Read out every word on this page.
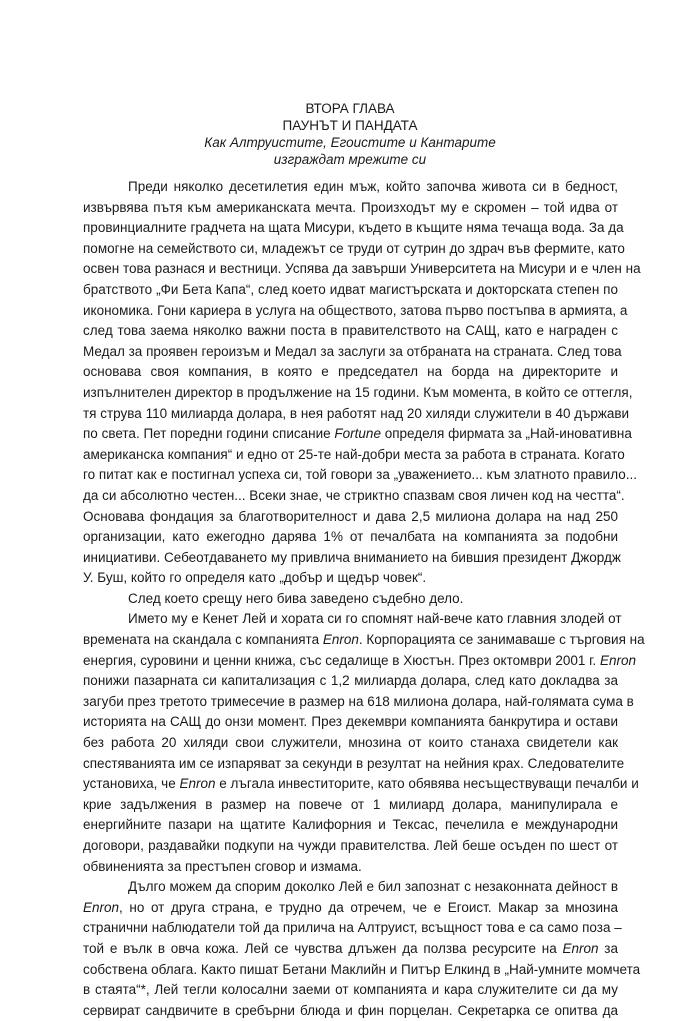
ВТОРА ГЛАВА
ПАУНЪТ И ПАНДАТА
Как Алтруистите, Егоистите и Кантарите
изграждат мрежите си
Преди няколко десетилетия един мъж, който започва живота си в бедност,
извървява пътя към американската мечта. Произходът му е скромен – той идва от
провинциалните градчета на щата Мисури, където в къщите няма течаща вода. За да
помогне на семейството си, младежът се труди от сутрин до здрач във фермите, като
освен това разнася и вестници. Успява да завърши Университета на Мисури и е член на
братството „Фи Бета Капа“, след което идват магистърската и докторската степен по
икономика. Гони кариера в услуга на обществото, затова първо постъпва в армията, а
след това заема няколко важни поста в правителството на САЩ, като е награден с
Медал за проявен героизъм и Медал за заслуги за отбраната на страната. След това
основава своя компания, в която е председател на борда на директорите и
изпълнителен директор в продължение на 15 години. Към момента, в който се оттегля,
тя струва 110 милиарда долара, в нея работят над 20 хиляди служители в 40 държави
по света. Пет поредни години списание Fortune определя фирмата за „Най-иновативна
американска компания“ и едно от 25-те най-добри места за работа в страната. Когато
го питат как е постигнал успеха си, той говори за „уважението... към златното правило...
да си абсолютно честен... Всеки знае, че стриктно спазвам своя личен код на честта“.
Основава фондация за благотворителност и дава 2,5 милиона долара на над 250
организации, като ежегодно дарява 1% от печалбата на компанията за подобни
инициативи. Себеотдаването му привлича вниманието на бившия президент Джордж
У. Буш, който го определя като „добър и щедър човек“.
След което срещу него бива заведено съдебно дело.
Името му е Кенет Лей и хората си го спомнят най-вече като главния злодей от
времената на скандала с компанията Enron. Корпорацията се занимаваше с търговия на
енергия, суровини и ценни книжа, със седалище в Хюстън. През октомври 2001 г. Enron
понижи пазарната си капитализация с 1,2 милиарда долара, след като докладва за
загуби през третото тримесечие в размер на 618 милиона долара, най-голямата сума в
историята на САЩ до онзи момент. През декември компанията банкрутира и остави
без работа 20 хиляди свои служители, мнозина от които станаха свидетели как
спестяванията им се изпаряват за секунди в резултат на нейния крах. Следователите
установиха, че Enron е лъгала инвеститорите, като обявява несъществуващи печалби и
крие задължения в размер на повече от 1 милиард долара, манипулирала е
енергийните пазари на щатите Калифорния и Тексас, печелила е международни
договори, раздавайки подкупи на чужди правителства. Лей беше осъден по шест от
обвиненията за престъпен сговор и измама.
Дълго можем да спорим доколко Лей е бил запознат с незаконната дейност в
Enron, но от друга страна, е трудно да отречем, че е Егоист. Макар за мнозина
странични наблюдатели той да прилича на Алтруист, всъщност това е са само поза –
той е вълк в овча кожа. Лей се чувства длъжен да ползва ресурсите на Enron за
собствена облага. Както пишат Бетани Маклийн и Питър Елкинд в „Най-умните момчета
в стаята“*, Лей тегли колосални заеми от компанията и кара служителите си да му
сервират сандвичите в сребърни блюда и фин порцелан. Секретарка се опитва да
